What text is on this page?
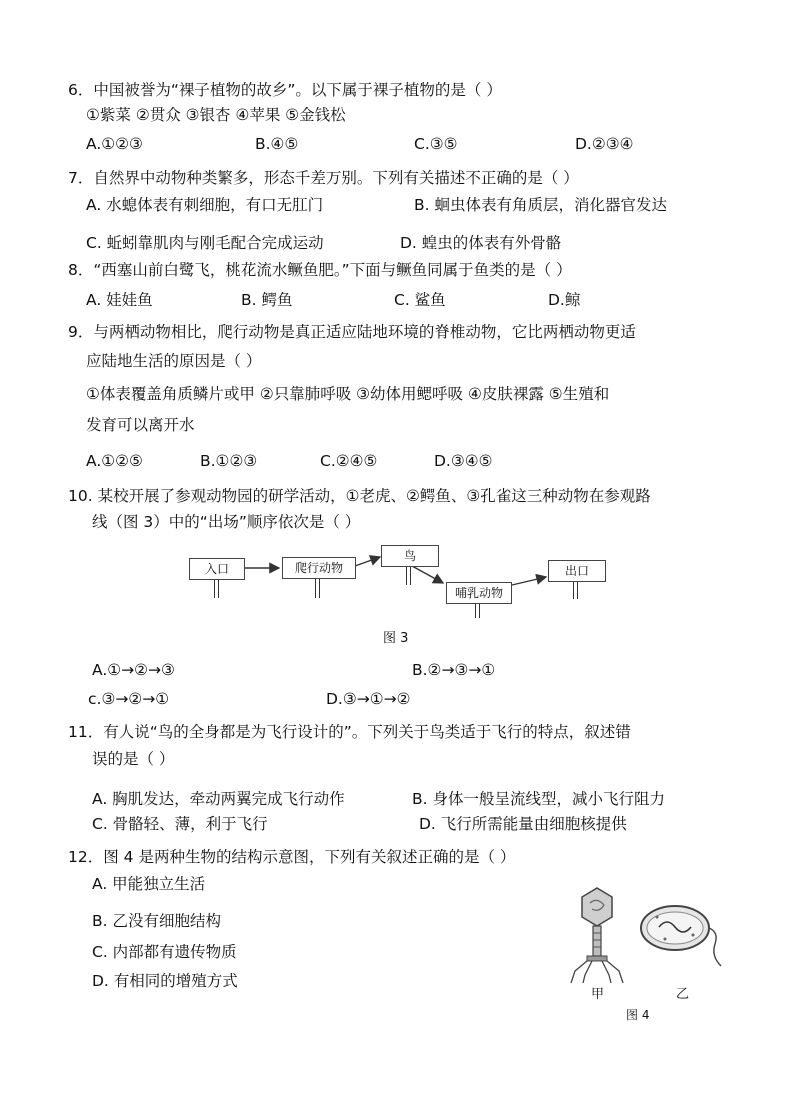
6．中国被誉为“裸子植物的故乡”。以下属于裸子植物的是（ ）
①紫菜 ②贯众 ③银杏 ④苹果 ⑤金钱松
A.①②③	B.④⑤	C.③⑤	D.②③④
7．自然界中动物种类繁多，形态千差万别。下列有关描述不正确的是（ ）
A. 水螅体表有刺细胞，有口无肛门	B. 蛔虫体表有角质层，消化器官发达
C. 蚯蚓靠肌肉与刚毛配合完成运动	D. 蝗虫的体表有外骨骼
8．“西塞山前白鹭飞，桃花流水鳜鱼肥。”下面与鳜鱼同属于鱼类的是（ ）
A. 娃娃鱼	B. 鳄鱼	C. 鲨鱼	D.鲸
9．与两栖动物相比，爬行动物是真正适应陆地环境的脊椎动物，它比两栖动物更适
应陆地生活的原因是（ ）
①体表覆盖角质鳞片或甲 ②只靠肺呼吸 ③幼体用鳃呼吸 ④皮肤裸露 ⑤生殖和
发育可以离开水
A.①②⑤	B.①②③	C.②④⑤	D.③④⑤
10. 某校开展了参观动物园的研学活动，①老虎、②鳄鱼、③孔雀这三种动物在参观路
线（图 3）中的“出场”顺序依次是（ ）
入口	爬行动物
鸟
哺乳动物
出口
图 3
A.①→②→③	B.②→③→①
c.③→②→①	D.③→①→②
11．有人说“鸟的全身都是为飞行设计的”。下列关于鸟类适于飞行的特点，叙述错
误的是（ ）
A. 胸肌发达，牵动两翼完成飞行动作	B. 身体一般呈流线型，减小飞行阻力
C. 骨骼轻、薄，利于飞行	D. 飞行所需能量由细胞核提供
12．图 4 是两种生物的结构示意图，下列有关叙述正确的是（ ）
A. 甲能独立生活
B. 乙没有细胞结构
C. 内部都有遗传物质
D. 有相同的增殖方式
甲	乙
图 4
